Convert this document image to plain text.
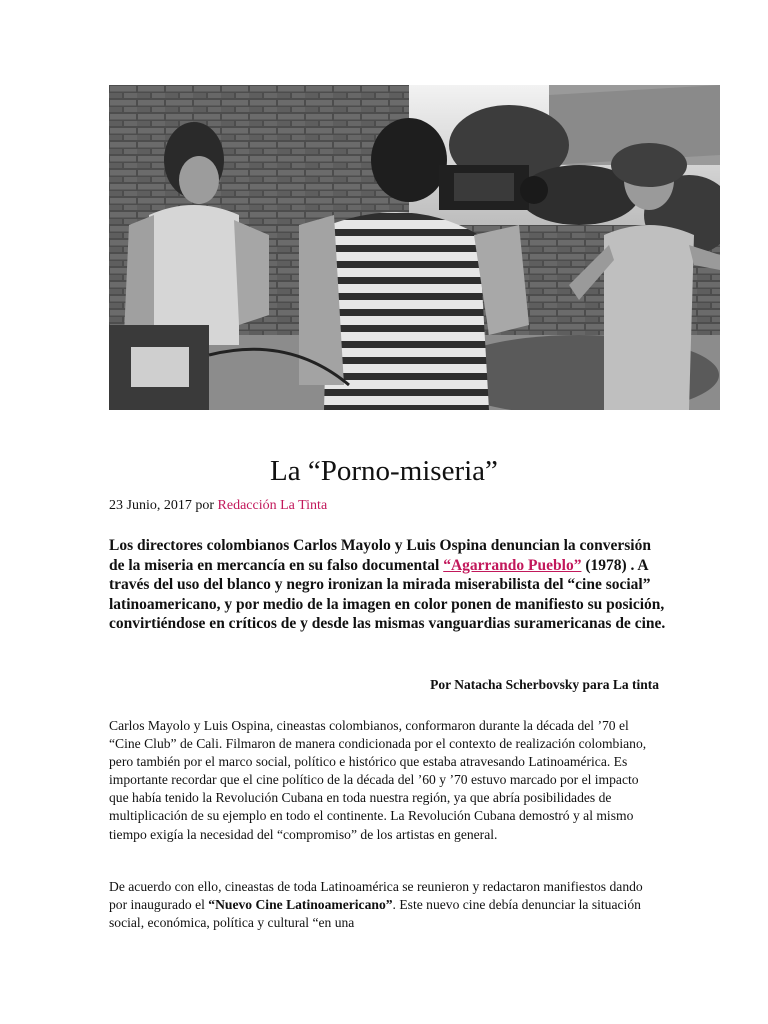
La “Porno-miseria”
23 Junio, 2017 por Redacción La Tinta

Los directores colombianos Carlos Mayolo y Luis Ospina denuncian la conversión de la miseria en mercancía en su falso documental “Agarrando Pueblo” (1978) . A través del uso del blanco y negro ironizan la mirada miserabilista del “cine social” latinoamericano, y por medio de la imagen en color ponen de manifiesto su posición, convirtiéndose en críticos de y desde las mismas vanguardias suramericanas de cine.

Por Natacha Scherbovsky para La tinta

Carlos Mayolo y Luis Ospina, cineastas colombianos, conformaron durante la década del ’70 el “Cine Club” de Cali. Filmaron de manera condicionada por el contexto de realización colombiano, pero también por el marco social, político e histórico que estaba atravesando Latinoamérica. Es importante recordar que el cine político de la década del ’60 y ’70 estuvo marcado por el impacto que había tenido la Revolución Cubana en toda nuestra región, ya que abría posibilidades de multiplicación de su ejemplo en todo el continente. La Revolución Cubana demostró y al mismo tiempo exigía la necesidad del “compromiso” de los artistas en general.

De acuerdo con ello, cineastas de toda Latinoamérica se reunieron y redactaron manifiestos dando por inaugurado el “Nuevo Cine Latinoamericano”. Este nuevo cine debía denunciar la situación social, económica, política y cultural “en una
